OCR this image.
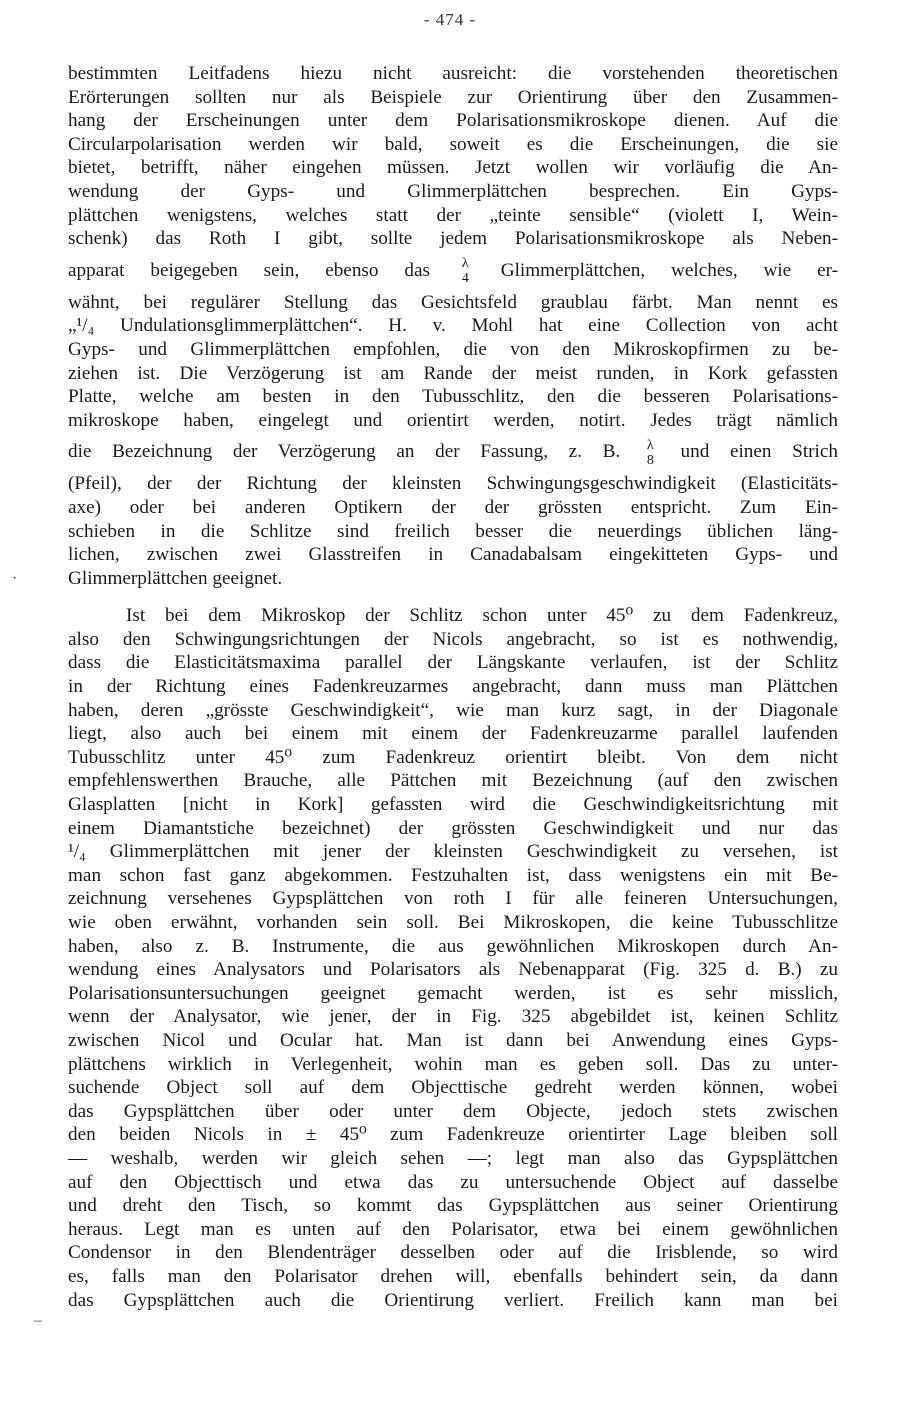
- 474 -
bestimmten Leitfadens hiezu nicht ausreicht: die vorstehenden theoretischen
Erörterungen sollten nur als Beispiele zur Orientirung über den Zusammen-
hang der Erscheinungen unter dem Polarisationsmikroskope dienen. Auf die
Circularpolarisation werden wir bald, soweit es die Erscheinungen, die sie
bietet, betrifft, näher eingehen müssen. Jetzt wollen wir vorläufig die An-
wendung der Gyps- und Glimmerplättchen besprechen. Ein Gyps-
plättchen wenigstens, welches statt der „teinte sensible“ (violett I, Wein-
schenk) das Roth I gibt, sollte jedem Polarisationsmikroskope als Neben-
apparat beigegeben sein, ebenso das λ
4 Glimmerplättchen, welches, wie er-
wähnt, bei regulärer Stellung das Gesichtsfeld graublau färbt. Man nennt es
„¹/₄ Undulationsglimmerplättchen“. H. v. Mohl hat eine Collection von acht
Gyps- und Glimmerplättchen empfohlen, die von den Mikroskopfirmen zu be-
ziehen ist. Die Verzögerung ist am Rande der meist runden, in Kork gefassten
Platte, welche am besten in den Tubusschlitz, den die besseren Polarisations-
mikroskope haben, eingelegt und orientirt werden, notirt. Jedes trägt nämlich
die Bezeichnung der Verzögerung an der Fassung, z. B. λ
8 und einen Strich
(Pfeil), der der Richtung der kleinsten Schwingungsgeschwindigkeit (Elasticitäts-
axe) oder bei anderen Optikern der der grössten entspricht. Zum Ein-
schieben in die Schlitze sind freilich besser die neuerdings üblichen läng-
lichen, zwischen zwei Glasstreifen in Canadabalsam eingekitteten Gyps- und
Glimmerplättchen geeignet.
Ist bei dem Mikroskop der Schlitz schon unter 45⁰ zu dem Fadenkreuz,
also den Schwingungsrichtungen der Nicols angebracht, so ist es nothwendig,
dass die Elasticitätsmaxima parallel der Längskante verlaufen, ist der Schlitz
in der Richtung eines Fadenkreuzarmes angebracht, dann muss man Plättchen
haben, deren „grösste Geschwindigkeit“, wie man kurz sagt, in der Diagonale
liegt, also auch bei einem mit einem der Fadenkreuzarme parallel laufenden
Tubusschlitz unter 45⁰ zum Fadenkreuz orientirt bleibt. Von dem nicht
empfehlenswerthen Brauche, alle Pättchen mit Bezeichnung (auf den zwischen
Glasplatten [nicht in Kork] gefassten wird die Geschwindigkeitsrichtung mit
einem Diamantstiche bezeichnet) der grössten Geschwindigkeit und nur das
¹/₄ Glimmerplättchen mit jener der kleinsten Geschwindigkeit zu versehen, ist
man schon fast ganz abgekommen. Festzuhalten ist, dass wenigstens ein mit Be-
zeichnung versehenes Gypsplättchen von roth I für alle feineren Untersuchungen,
wie oben erwähnt, vorhanden sein soll. Bei Mikroskopen, die keine Tubusschlitze
haben, also z. B. Instrumente, die aus gewöhnlichen Mikroskopen durch An-
wendung eines Analysators und Polarisators als Nebenapparat (Fig. 325 d. B.) zu
Polarisationsuntersuchungen geeignet gemacht werden, ist es sehr misslich,
wenn der Analysator, wie jener, der in Fig. 325 abgebildet ist, keinen Schlitz
zwischen Nicol und Ocular hat. Man ist dann bei Anwendung eines Gyps-
plättchens wirklich in Verlegenheit, wohin man es geben soll. Das zu unter-
suchende Object soll auf dem Objecttische gedreht werden können, wobei
das Gypsplättchen über oder unter dem Objecte, jedoch stets zwischen
den beiden Nicols in ± 45⁰ zum Fadenkreuze orientirter Lage bleiben soll
— weshalb, werden wir gleich sehen —; legt man also das Gypsplättchen
auf den Objecttisch und etwa das zu untersuchende Object auf dasselbe
und dreht den Tisch, so kommt das Gypsplättchen aus seiner Orientirung
heraus. Legt man es unten auf den Polarisator, etwa bei einem gewöhnlichen
Condensor in den Blendenträger desselben oder auf die Irisblende, so wird
es, falls man den Polarisator drehen will, ebenfalls behindert sein, da dann
das Gypsplättchen auch die Orientirung verliert. Freilich kann man bei
·
–
